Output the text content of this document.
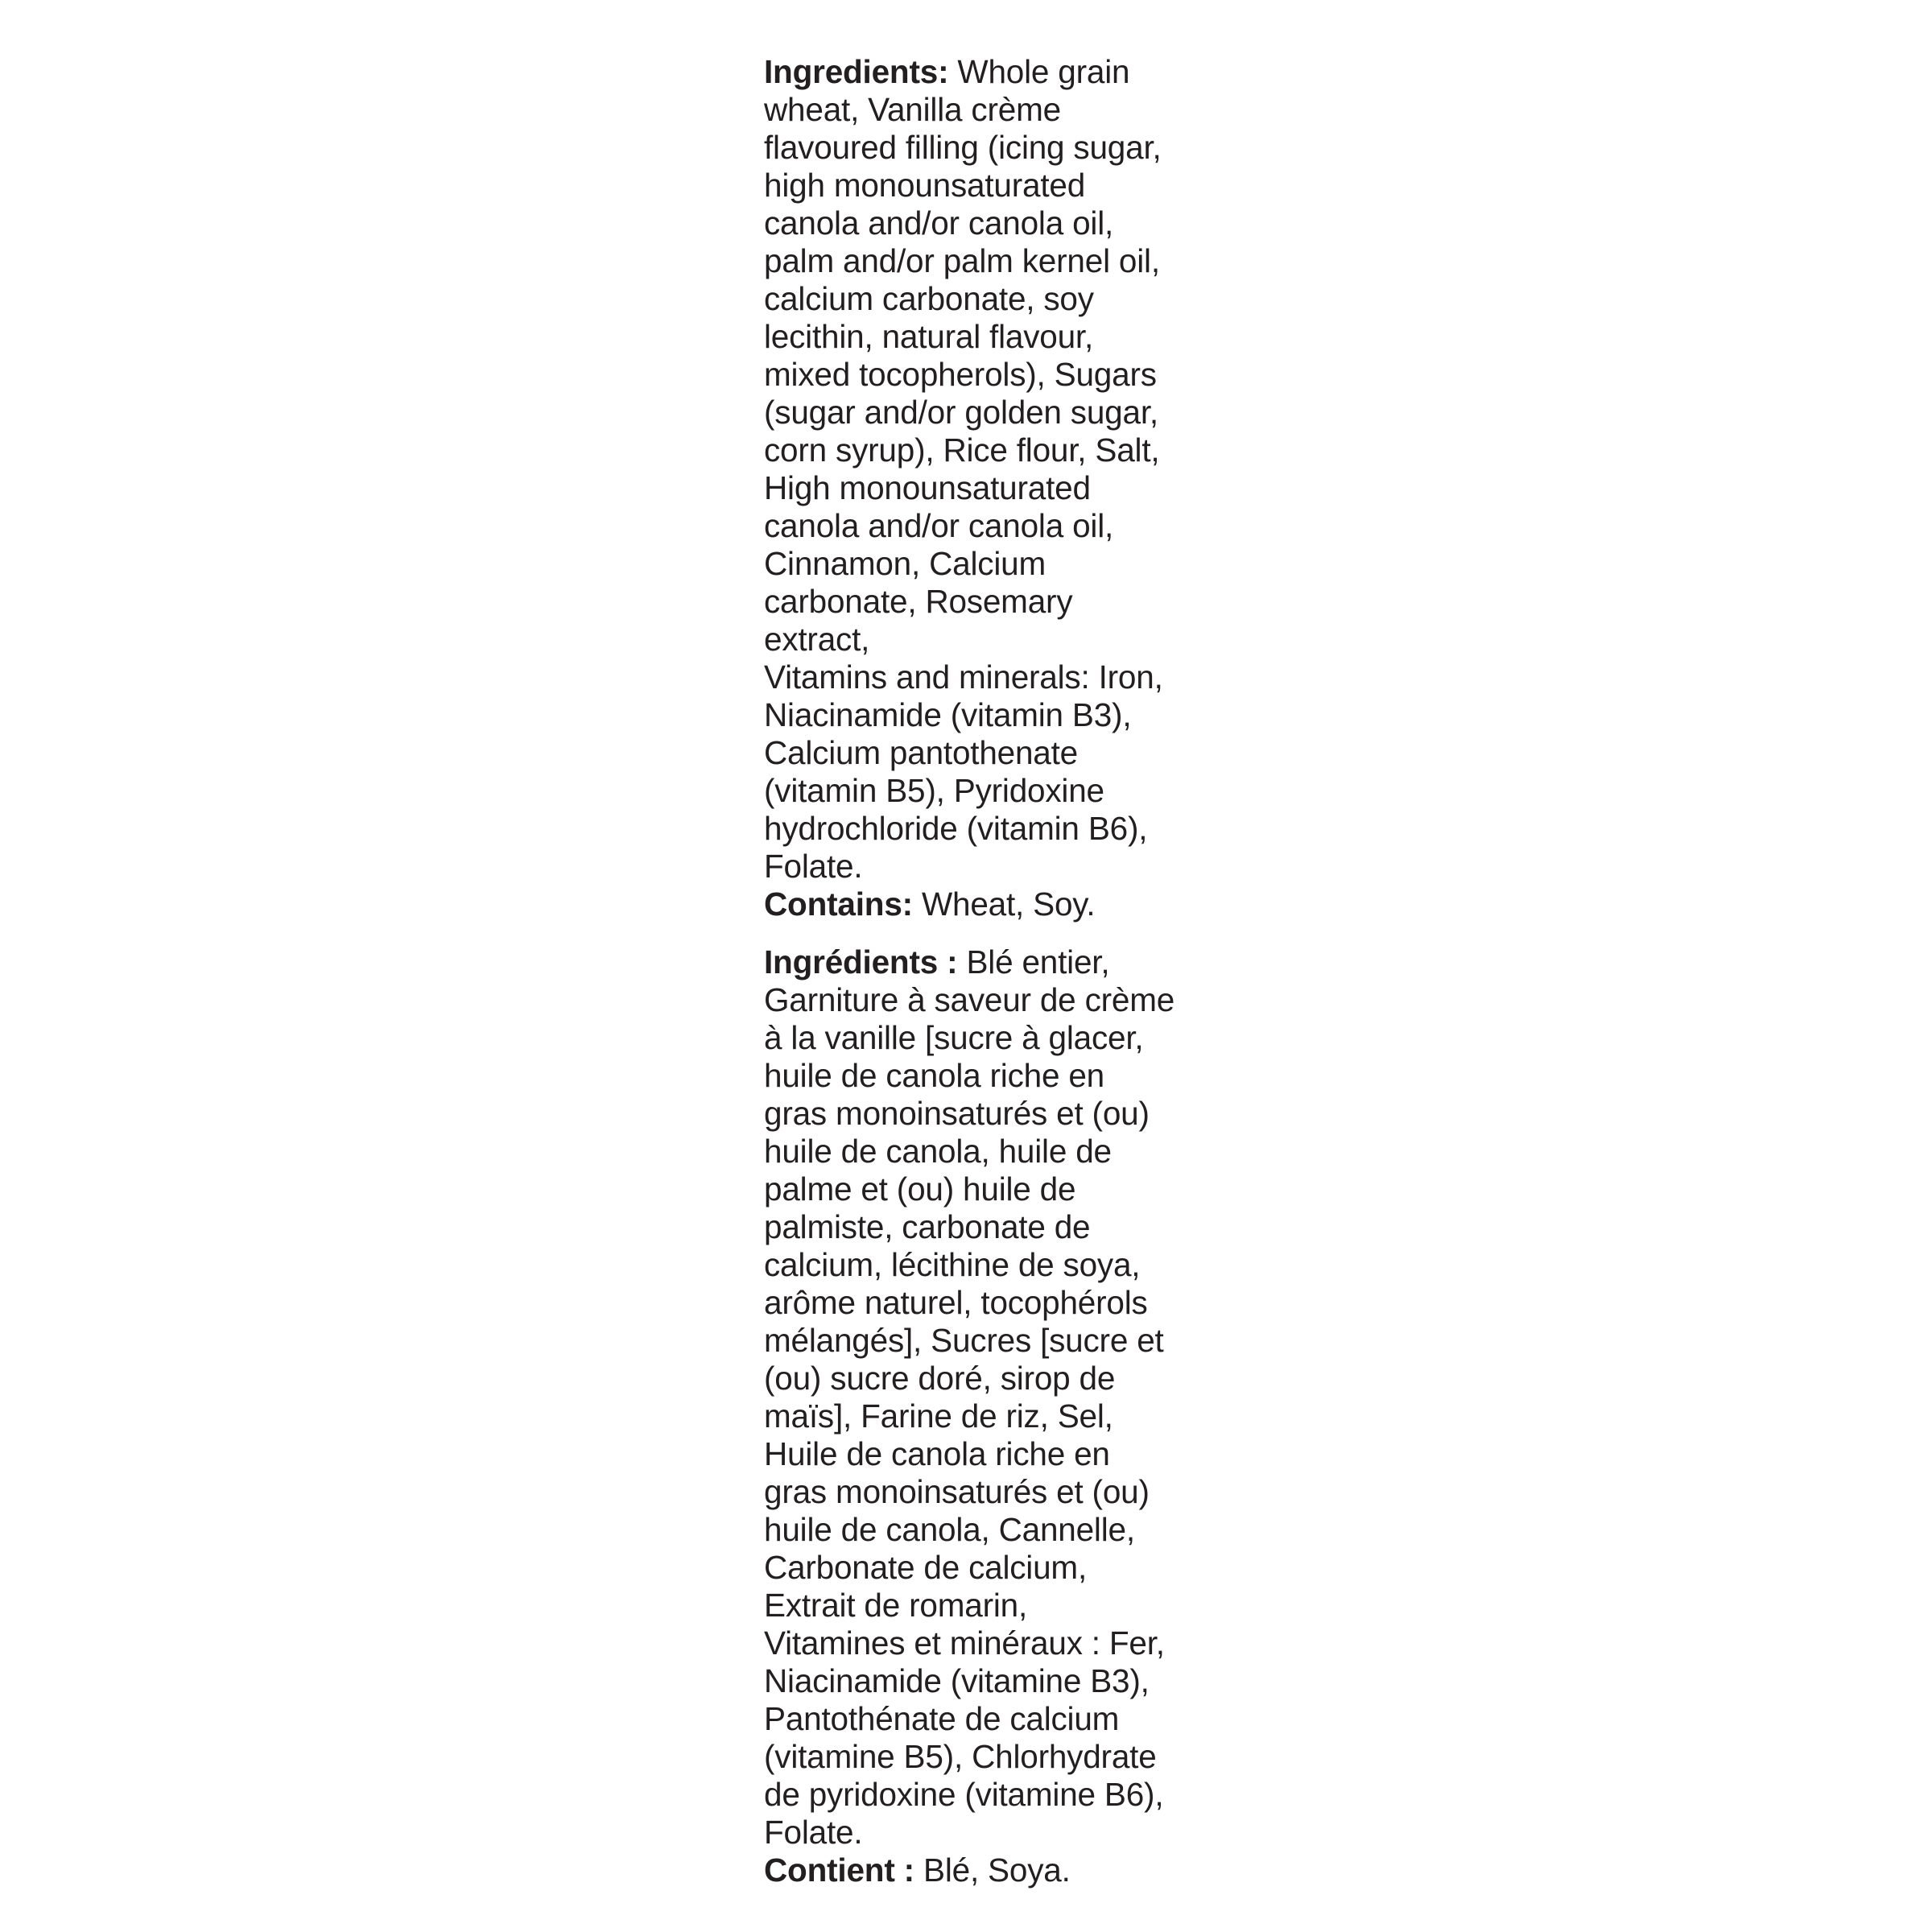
Ingredients: Whole grain
wheat, Vanilla crème
flavoured filling (icing sugar,
high monounsaturated
canola and/or canola oil,
palm and/or palm kernel oil,
calcium carbonate, soy
lecithin, natural flavour,
mixed tocopherols), Sugars
(sugar and/or golden sugar,
corn syrup), Rice flour, Salt,
High monounsaturated
canola and/or canola oil,
Cinnamon, Calcium
carbonate, Rosemary
extract,
Vitamins and minerals: Iron,
Niacinamide (vitamin B3),
Calcium pantothenate
(vitamin B5), Pyridoxine
hydrochloride (vitamin B6),
Folate.
Contains: Wheat, Soy.
Ingrédients : Blé entier,
Garniture à saveur de crème
à la vanille [sucre à glacer,
huile de canola riche en
gras monoinsaturés et (ou)
huile de canola, huile de
palme et (ou) huile de
palmiste, carbonate de
calcium, lécithine de soya,
arôme naturel, tocophérols
mélangés], Sucres [sucre et
(ou) sucre doré, sirop de
maïs], Farine de riz, Sel,
Huile de canola riche en
gras monoinsaturés et (ou)
huile de canola, Cannelle,
Carbonate de calcium,
Extrait de romarin,
Vitamines et minéraux : Fer,
Niacinamide (vitamine B3),
Pantothénate de calcium
(vitamine B5), Chlorhydrate
de pyridoxine (vitamine B6),
Folate.
Contient : Blé, Soya.
